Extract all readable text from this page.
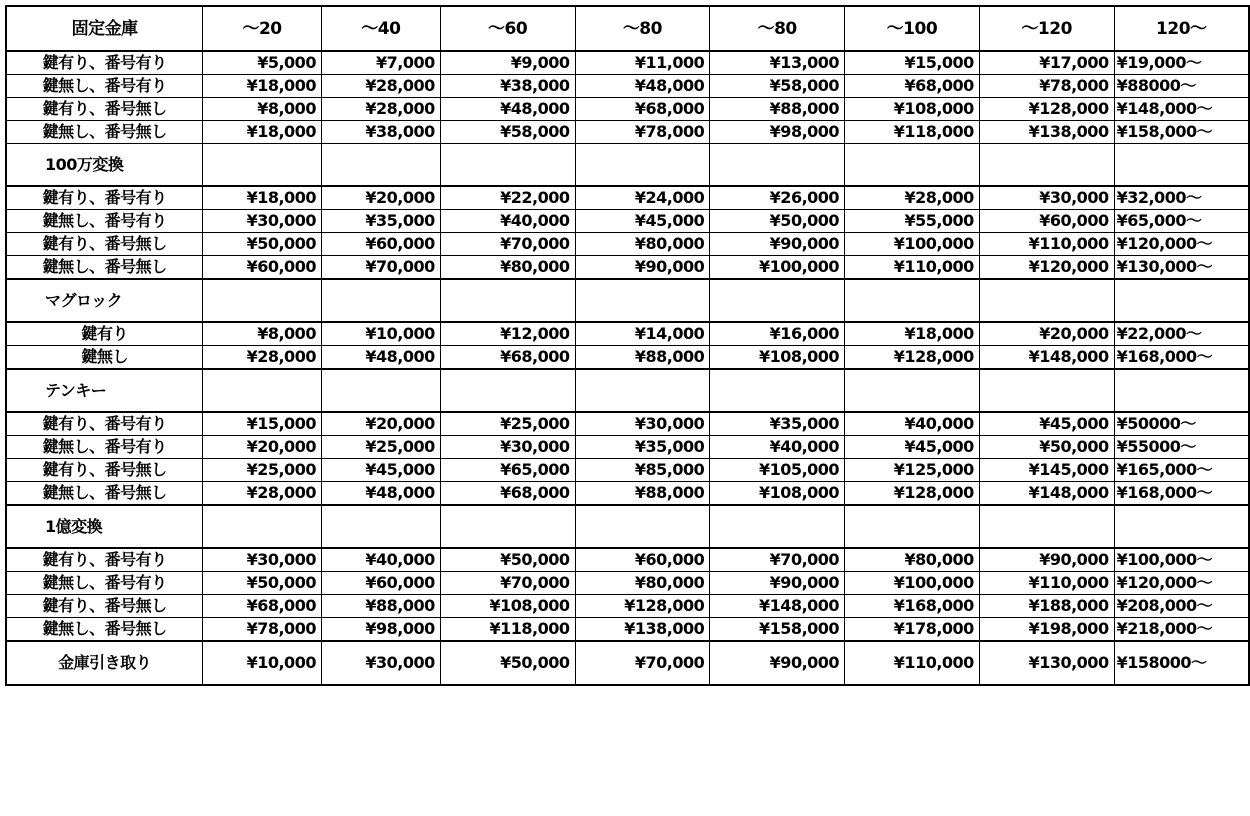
固定金庫	～20	～40	～60	～80	～80	～100	～120	120～
鍵有り、番号有り	¥5,000	¥7,000	¥9,000	¥11,000	¥13,000	¥15,000	¥17,000	¥19,000～
鍵無し、番号有り	¥18,000	¥28,000	¥38,000	¥48,000	¥58,000	¥68,000	¥78,000	¥88000～
鍵有り、番号無し	¥8,000	¥28,000	¥48,000	¥68,000	¥88,000	¥108,000	¥128,000	¥148,000～
鍵無し、番号無し	¥18,000	¥38,000	¥58,000	¥78,000	¥98,000	¥118,000	¥138,000	¥158,000～
100万変換								
鍵有り、番号有り	¥18,000	¥20,000	¥22,000	¥24,000	¥26,000	¥28,000	¥30,000	¥32,000～
鍵無し、番号有り	¥30,000	¥35,000	¥40,000	¥45,000	¥50,000	¥55,000	¥60,000	¥65,000～
鍵有り、番号無し	¥50,000	¥60,000	¥70,000	¥80,000	¥90,000	¥100,000	¥110,000	¥120,000～
鍵無し、番号無し	¥60,000	¥70,000	¥80,000	¥90,000	¥100,000	¥110,000	¥120,000	¥130,000～
マグロック								
鍵有り	¥8,000	¥10,000	¥12,000	¥14,000	¥16,000	¥18,000	¥20,000	¥22,000～
鍵無し	¥28,000	¥48,000	¥68,000	¥88,000	¥108,000	¥128,000	¥148,000	¥168,000～
テンキー								
鍵有り、番号有り	¥15,000	¥20,000	¥25,000	¥30,000	¥35,000	¥40,000	¥45,000	¥50000～
鍵無し、番号有り	¥20,000	¥25,000	¥30,000	¥35,000	¥40,000	¥45,000	¥50,000	¥55000～
鍵有り、番号無し	¥25,000	¥45,000	¥65,000	¥85,000	¥105,000	¥125,000	¥145,000	¥165,000～
鍵無し、番号無し	¥28,000	¥48,000	¥68,000	¥88,000	¥108,000	¥128,000	¥148,000	¥168,000～
1億変換								
鍵有り、番号有り	¥30,000	¥40,000	¥50,000	¥60,000	¥70,000	¥80,000	¥90,000	¥100,000～
鍵無し、番号有り	¥50,000	¥60,000	¥70,000	¥80,000	¥90,000	¥100,000	¥110,000	¥120,000～
鍵有り、番号無し	¥68,000	¥88,000	¥108,000	¥128,000	¥148,000	¥168,000	¥188,000	¥208,000～
鍵無し、番号無し	¥78,000	¥98,000	¥118,000	¥138,000	¥158,000	¥178,000	¥198,000	¥218,000～
金庫引き取り	¥10,000	¥30,000	¥50,000	¥70,000	¥90,000	¥110,000	¥130,000	¥158000～
